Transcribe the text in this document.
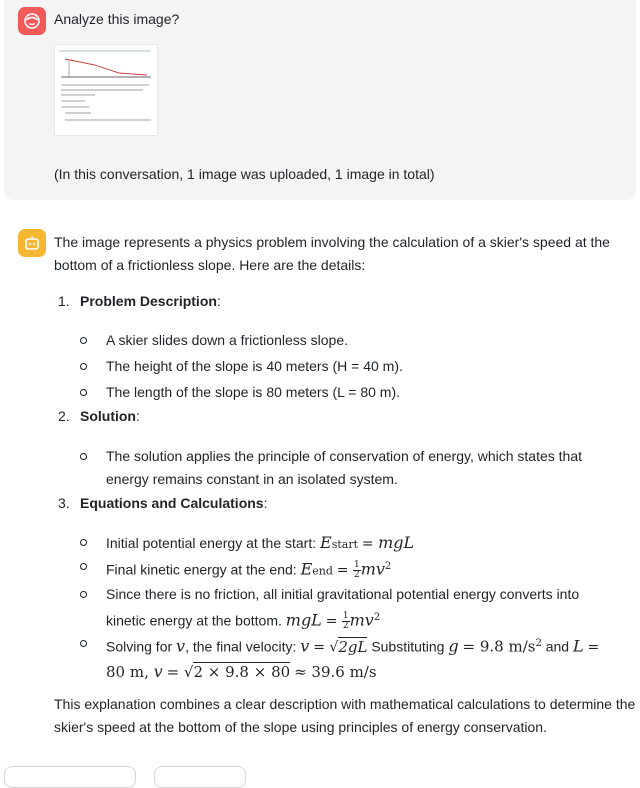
Analyze this image?
(In this conversation, 1 image was uploaded, 1 image in total)

The image represents a physics problem involving the calculation of a skier's speed at the bottom of a frictionless slope. Here are the details:

1. Problem Description:
A skier slides down a frictionless slope.
The height of the slope is 40 meters (H = 40 m).
The length of the slope is 80 meters (L = 80 m).
2. Solution:
The solution applies the principle of conservation of energy, which states that energy remains constant in an isolated system.
3. Equations and Calculations:
Initial potential energy at the start: Estart = mgL
Final kinetic energy at the end: Eend = $\frac{1}{2} mv^2$
Since there is no friction, all initial gravitational potential energy converts into kinetic energy at the bottom. mgL = $\frac{1}{2} mv^2$
Solving for v, the final velocity: v = √2gL Substituting g = 9.8 $m/s^2$ and L =
80 m, v = √2 × 9.8 × 80 ≈ 39.6 m/s
This explanation combines a clear description with mathematical calculations to determine the skier's speed at the bottom of the slope using principles of energy conservation.
